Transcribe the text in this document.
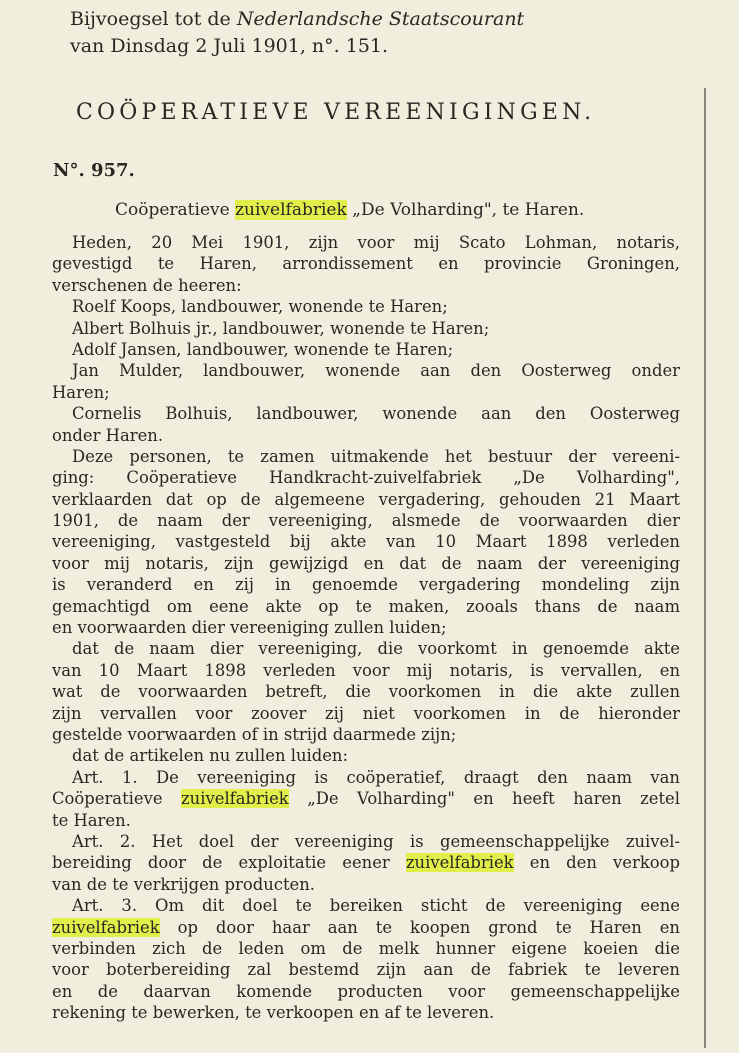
Bijvoegsel tot de Nederlandsche Staatscourant
van Dinsdag 2 Juli 1901, n°. 151.
COÖPERATIEVE VEREENIGINGEN.
N°. 957.
Coöperatieve zuivelfabriek „De Volharding", te Haren.
Heden, 20 Mei 1901, zijn voor mij Scato Lohman, notaris,
gevestigd te Haren, arrondissement en provincie Groningen,
verschenen de heeren:
Roelf Koops, landbouwer, wonende te Haren;
Albert Bolhuis jr., landbouwer, wonende te Haren;
Adolf Jansen, landbouwer, wonende te Haren;
Jan Mulder, landbouwer, wonende aan den Oosterweg onder
Haren;
Cornelis Bolhuis, landbouwer, wonende aan den Oosterweg
onder Haren.
Deze personen, te zamen uitmakende het bestuur der vereeni-
ging: Coöperatieve Handkracht-zuivelfabriek „De Volharding",
verklaarden dat op de algemeene vergadering, gehouden 21 Maart
1901, de naam der vereeniging, alsmede de voorwaarden dier
vereeniging, vastgesteld bij akte van 10 Maart 1898 verleden
voor mij notaris, zijn gewijzigd en dat de naam der vereeniging
is veranderd en zij in genoemde vergadering mondeling zijn
gemachtigd om eene akte op te maken, zooals thans de naam
en voorwaarden dier vereeniging zullen luiden;
dat de naam dier vereeniging, die voorkomt in genoemde akte
van 10 Maart 1898 verleden voor mij notaris, is vervallen, en
wat de voorwaarden betreft, die voorkomen in die akte zullen
zijn vervallen voor zoover zij niet voorkomen in de hieronder
gestelde voorwaarden of in strijd daarmede zijn;
dat de artikelen nu zullen luiden:
Art. 1. De vereeniging is coöperatief, draagt den naam van
Coöperatieve zuivelfabriek „De Volharding" en heeft haren zetel
te Haren.
Art. 2. Het doel der vereeniging is gemeenschappelijke zuivel-
bereiding door de exploitatie eener zuivelfabriek en den verkoop
van de te verkrijgen producten.
Art. 3. Om dit doel te bereiken sticht de vereeniging eene
zuivelfabriek op door haar aan te koopen grond te Haren en
verbinden zich de leden om de melk hunner eigene koeien die
voor boterbereiding zal bestemd zijn aan de fabriek te leveren
en de daarvan komende producten voor gemeenschappelijke
rekening te bewerken, te verkoopen en af te leveren.
